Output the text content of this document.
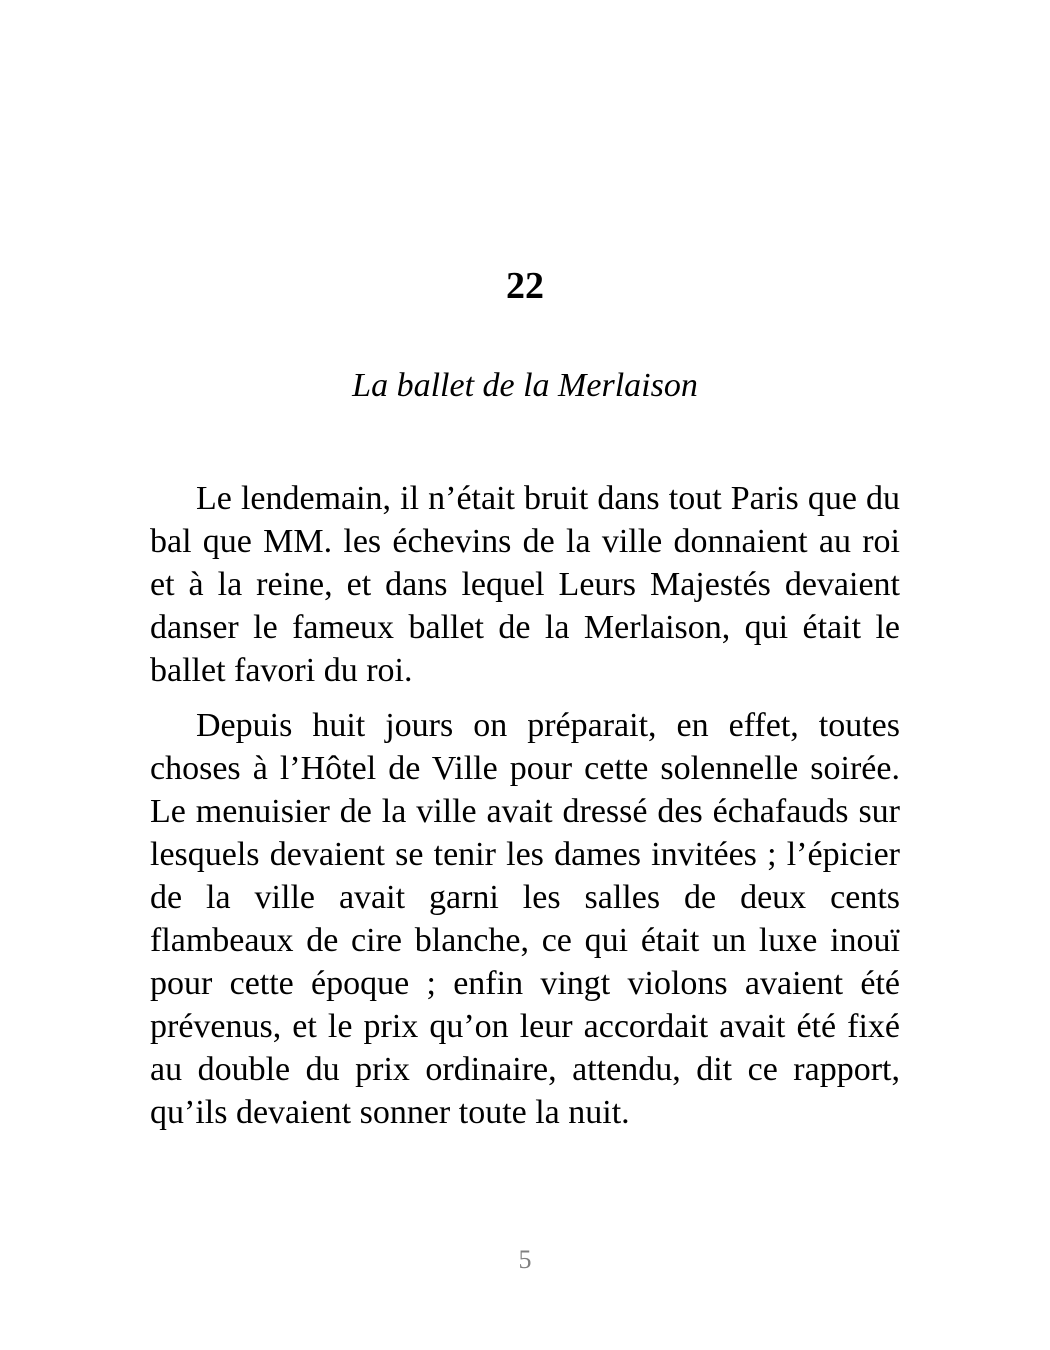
22
La ballet de la Merlaison

Le lendemain, il n’était bruit dans tout Paris que du bal que MM. les échevins de la ville donnaient au roi et à la reine, et dans lequel Leurs Majestés devaient danser le fameux ballet de la Merlaison, qui était le ballet favori du roi.

Depuis huit jours on préparait, en effet, toutes choses à l’Hôtel de Ville pour cette solennelle soirée. Le menuisier de la ville avait dressé des échafauds sur lesquels devaient se tenir les dames invitées ; l’épicier de la ville avait garni les salles de deux cents flambeaux de cire blanche, ce qui était un luxe inouï pour cette époque ; enfin vingt violons avaient été prévenus, et le prix qu’on leur accordait avait été fixé au double du prix ordinaire, attendu, dit ce rapport, qu’ils devaient sonner toute la nuit.

5
